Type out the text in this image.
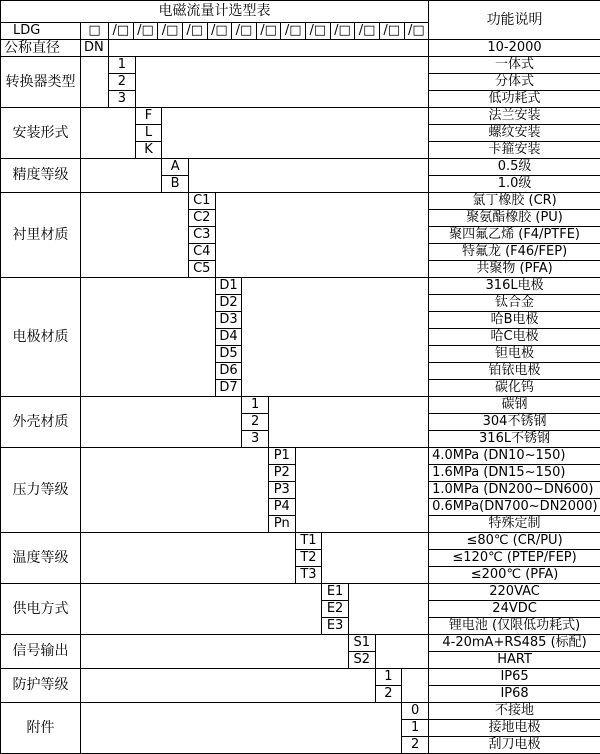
电磁流量计选型表														功能说明
LDG	□	/□ /□ /□ /□ /□ /□ /□ /□ /□ /□ /□ /□ /□

公称直径	DN													10-2000
转换器类型		1												一体式
		2												分体式
		3												低功耗式
安装形式			F											法兰安装
			L											螺纹安装
			K											卡箍安装
精度等级				A										0.5级
				B										1.0级
衬里材质					C1									氯丁橡胶 (CR)
					C2									聚氨酯橡胶 (PU)
					C3									聚四氟乙烯 (F4/PTFE)
					C4									特氟龙 (F46/FEP)
					C5									共聚物 (PFA)
电极材质						D1								316L电极
						D2								钛合金
						D3								哈B电极
						D4								哈C电极
						D5								钽电极
						D6								铂铱电极
						D7								碳化钨
外壳材质							1							碳钢
							2							304不锈钢
							3							316L不锈钢
压力等级								P1						4.0MPa (DN10~150)
								P2						1.6MPa (DN15~150)
								P3						1.0MPa (DN200~DN600)
								P4						0.6MPa(DN700~DN2000)
								Pn						特殊定制
温度等级									T1					≤80℃ (CR/PU)
									T2					≤120℃ (PTEP/FEP)
									T3					≤200℃ (PFA)
供电方式										E1				220VAC
										E2				24VDC
										E3				锂电池 (仅限低功耗式)
信号输出											S1			4-20mA+RS485 (标配)
											S2			HART
防护等级												1		IP65
												2		IP68
附件													0	不接地
													1	接地电极
													2	刮刀电极
